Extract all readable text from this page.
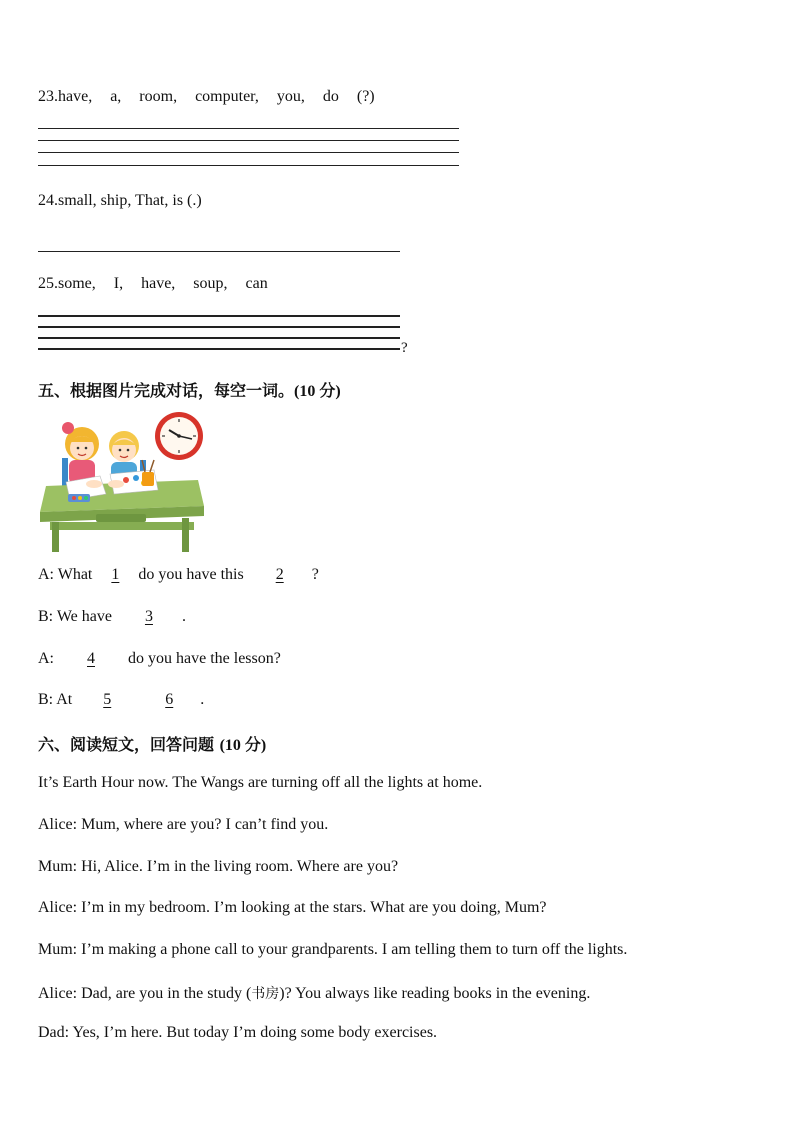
23.have, a, room, computer, you, do (?)
24.small, ship, That, is (.)
25.some, I, have, soup, can
?
五、根据图片完成对话，每空一词。(10 分)
A: What 1 do you have this 2 ?
B: We have 3 .
A: 4 do you have the lesson?
B: At 5	6 .
六、阅读短文，回答问题 (10 分)
It’s Earth Hour now. The Wangs are turning off all the lights at home.
Alice: Mum, where are you? I can’t find you.
Mum: Hi, Alice. I’m in the living room. Where are you?
Alice: I’m in my bedroom. I’m looking at the stars. What are you doing, Mum?
Mum: I’m making a phone call to your grandparents. I am telling them to turn off the lights.
Alice: Dad, are you in the study (书房)? You always like reading books in the evening.
Dad: Yes, I’m here. But today I’m doing some body exercises.
